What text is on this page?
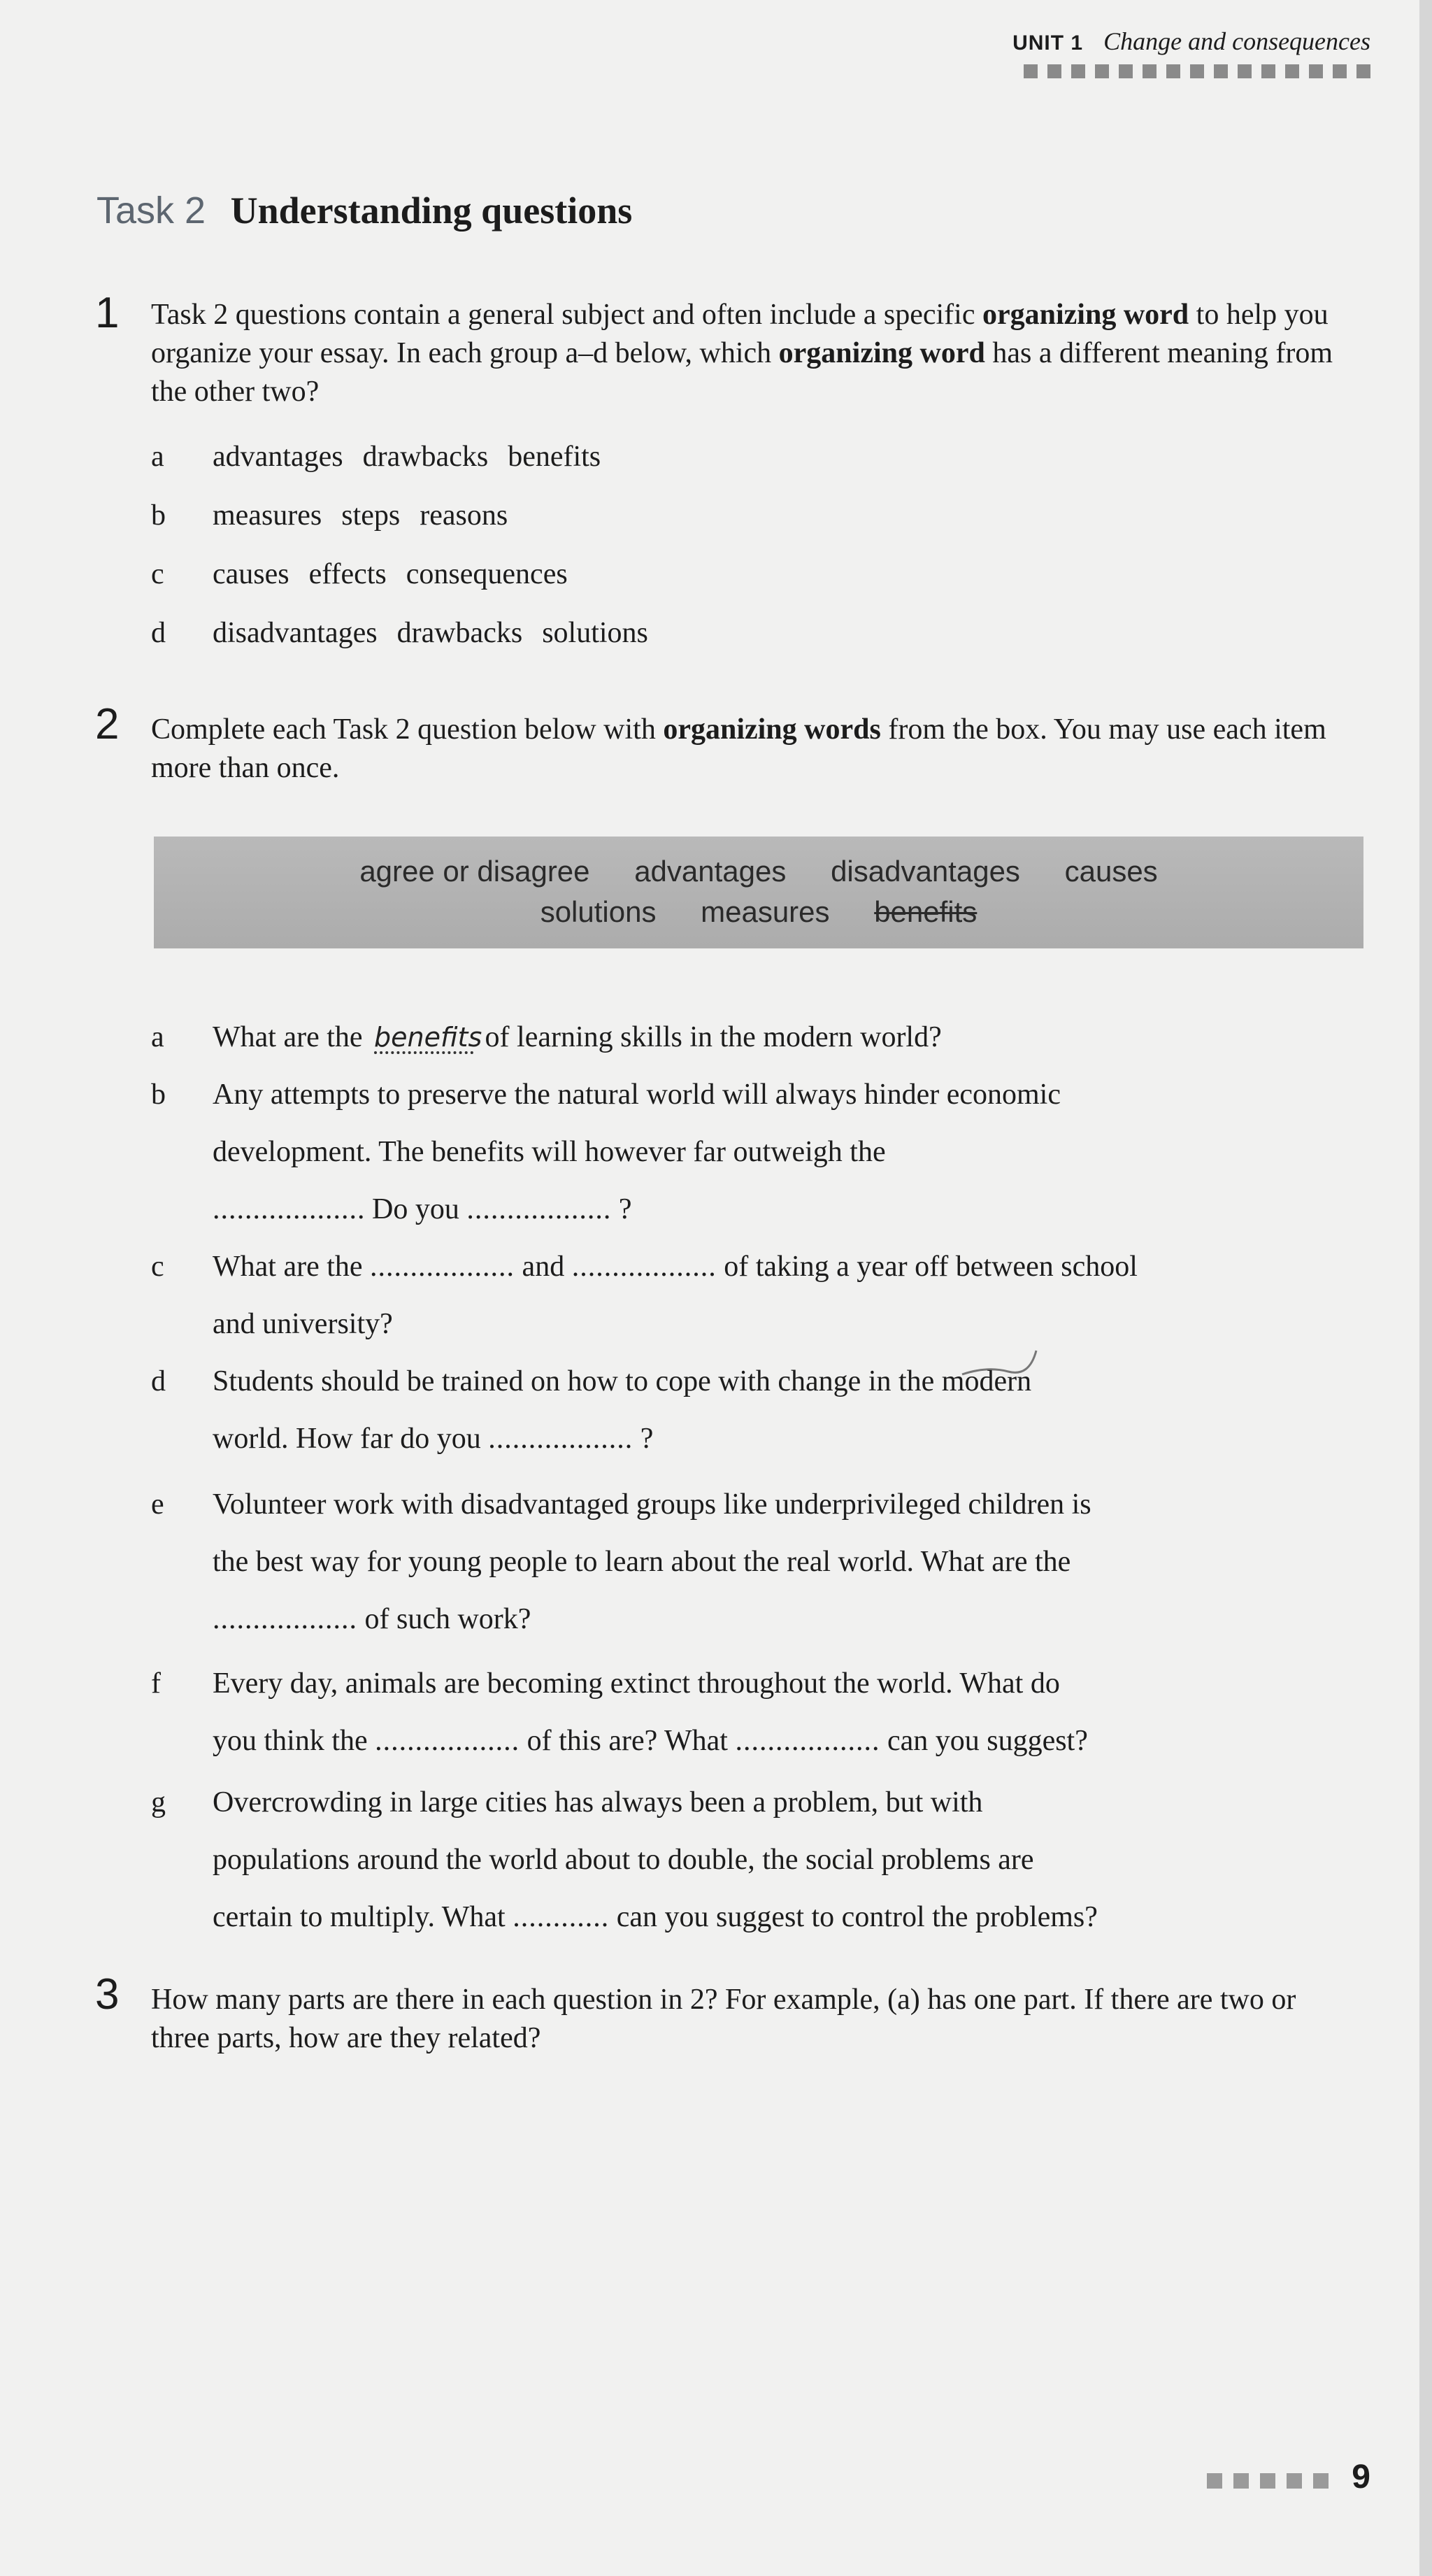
UNIT 1 Change and consequences
Task 2 Understanding questions
1 Task 2 questions contain a general subject and often include a specific organizing word to help you organize your essay. In each group a–d below, which organizing word has a different meaning from the other two?

a advantages drawbacks benefits
b measures steps reasons
c causes effects consequences
d disadvantages drawbacks solutions
2 Complete each Task 2 question below with organizing words from the box. You may use each item more than once.

agree or disagree advantages disadvantages causes
solutions measures benefits
a What are the benefits of learning skills in the modern world?
b Any attempts to preserve the natural world will always hinder economic
development. The benefits will however far outweigh the
................... Do you .................. ?
c What are the .................. and .................. of taking a year off between school
and university?
d Students should be trained on how to cope with change in the modern
world. How far do you .................. ?
e Volunteer work with disadvantaged groups like underprivileged children is
the best way for young people to learn about the real world. What are the
.................. of such work?
f Every day, animals are becoming extinct throughout the world. What do
you think the .................. of this are? What .................. can you suggest?
g Overcrowding in large cities has always been a problem, but with
populations around the world about to double, the social problems are
certain to multiply. What ............ can you suggest to control the problems?
3 How many parts are there in each question in 2? For example, (a) has one part. If there are two or three parts, how are they related?

9
